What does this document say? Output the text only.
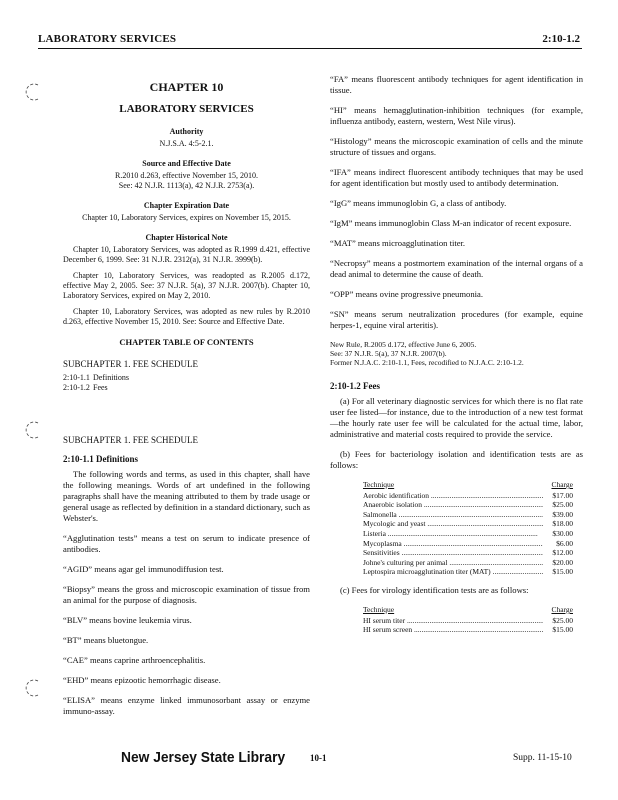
LABORATORY SERVICES	2:10-1.2
CHAPTER 10
LABORATORY SERVICES
Authority
N.J.S.A. 4:5-2.1.
Source and Effective Date
R.2010 d.263, effective November 15, 2010.
See: 42 N.J.R. 1113(a), 42 N.J.R. 2753(a).
Chapter Expiration Date
Chapter 10, Laboratory Services, expires on November 15, 2015.
Chapter Historical Note
Chapter 10, Laboratory Services, was adopted as R.1999 d.421, effective December 6, 1999. See: 31 N.J.R. 2312(a), 31 N.J.R. 3999(b).
Chapter 10, Laboratory Services, was readopted as R.2005 d.172, effective May 2, 2005. See: 37 N.J.R. 5(a), 37 N.J.R. 2007(b). Chapter 10, Laboratory Services, expired on May 2, 2010.
Chapter 10, Laboratory Services, was adopted as new rules by R.2010 d.263, effective November 15, 2010. See: Source and Effective Date.
CHAPTER TABLE OF CONTENTS
SUBCHAPTER 1. FEE SCHEDULE
2:10-1.1 Definitions
2:10-1.2 Fees
SUBCHAPTER 1. FEE SCHEDULE
2:10-1.1 Definitions
The following words and terms, as used in this chapter, shall have the following meanings. Words of art undefined in the following paragraphs shall have the meaning attributed to them by trade usage or general usage as reflected by definition in a standard dictionary, such as Webster's.
“Agglutination tests” means a test on serum to indicate presence of antibodies.
“AGID” means agar gel immunodiffusion test.
“Biopsy” means the gross and microscopic examination of tissue from an animal for the purpose of diagnosis.
“BLV” means bovine leukemia virus.
“BT” means bluetongue.
“CAE” means caprine arthroencephalitis.
“EHD” means epizootic hemorrhagic disease.
“ELISA” means enzyme linked immunosorbant assay or enzyme immuno-assay.
“FA” means fluorescent antibody techniques for agent identification in tissue.
“HI” means hemagglutination-inhibition techniques (for example, influenza antibody, eastern, western, West Nile virus).
“Histology” means the microscopic examination of cells and the minute structure of tissues and organs.
“IFA” means indirect fluorescent antibody techniques that may be used for agent identification but mostly used to antibody determination.
“IgG” means immunoglobin G, a class of antibody.
“IgM” means immunoglobin Class M-an indicator of recent exposure.
“MAT” means microagglutination titer.
“Necropsy” means a postmortem examination of the internal organs of a dead animal to determine the cause of death.
“OPP” means ovine progressive pneumonia.
“SN” means serum neutralization procedures (for example, equine herpes-1, equine viral arteritis).
New Rule, R.2005 d.172, effective June 6, 2005.
See: 37 N.J.R. 5(a), 37 N.J.R. 2007(b).
Former N.J.A.C. 2:10-1.1, Fees, recodified to N.J.A.C. 2:10-1.2.
2:10-1.2 Fees
(a) For all veterinary diagnostic services for which there is no flat rate user fee listed—for instance, due to the introduction of a new test format—the hourly rate user fee will be calculated for the actual time, labor, administrative and material costs required to provide the service.
(b) Fees for bacteriology isolation and identification tests are as follows:
Technique	Charge
Aerobic identification .....	$17.00
Anaerobic isolation .....	$25.00
Salmonella .....	$39.00
Mycologic and yeast .....	$18.00
Listeria .....	$30.00
Mycoplasma .....	$6.00
Sensitivities .....	$12.00
Johne's culturing per animal .....	$20.00
Leptospira microagglutination titer (MAT) .....	$15.00
(c) Fees for virology identification tests are as follows:
Technique	Charge
HI serum titer .....	$25.00
HI serum screen .....	$15.00
New Jersey State Library	10-1	Supp. 11-15-10
